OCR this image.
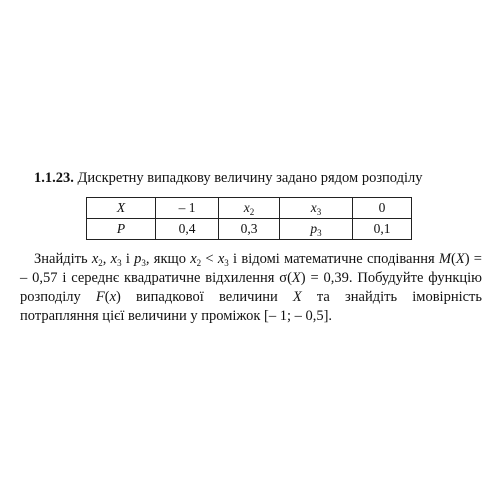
1.1.23. Дискретну випадкову величину задано рядом розподілу
X	– 1	$x_2$	$x_3$	0
P	0,4	0,3	$p_3$	0,1

Знайдіть $x_2$, $x_3$ і $p_3$, якщо $x_2 < x_3$ і відомі математичне сподівання M(X) = – 0,57 і середнє квадратичне відхилення σ(X) = 0,39. Побудуйте функцію розподілу F(x) випадкової величини X та знайдіть імовірність потрапляння цієї величини у проміжок [– 1; – 0,5].
